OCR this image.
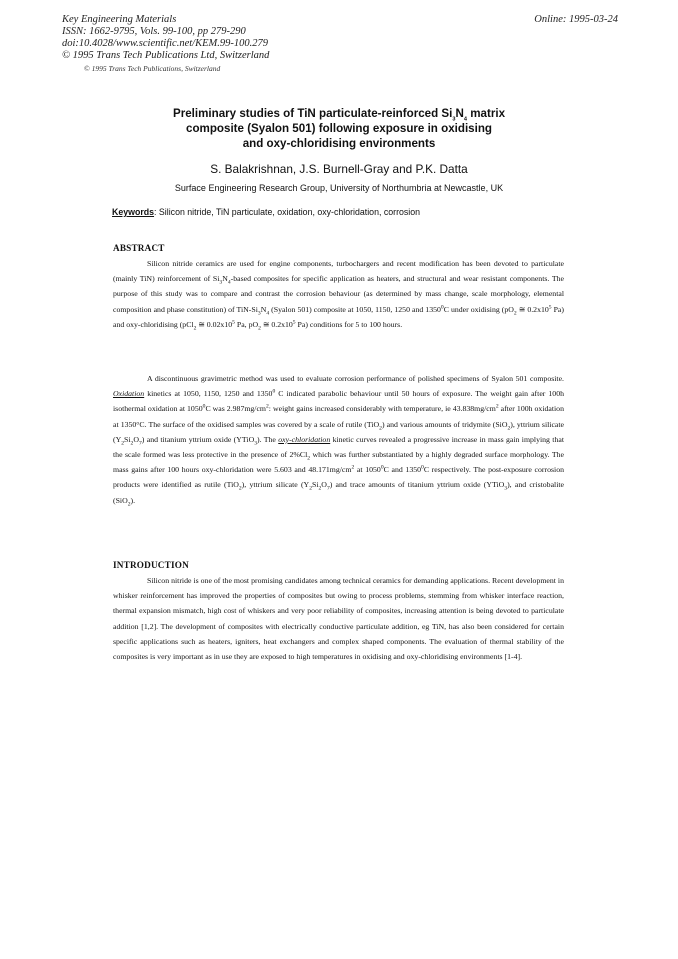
Key Engineering Materials
ISSN: 1662-9795, Vols. 99-100, pp 279-290
doi:10.4028/www.scientific.net/KEM.99-100.279
© 1995 Trans Tech Publications Ltd, Switzerland
Online: 1995-03-24
© 1995 Trans Tech Publications, Switzerland
Preliminary studies of TiN particulate-reinforced $Si_3N_4$ matrix
composite (Syalon 501) following exposure in oxidising
and oxy-chloridising environments
S. Balakrishnan, J.S. Burnell-Gray and P.K. Datta
Surface Engineering Research Group, University of Northumbria at Newcastle, UK
Keywords: Silicon nitride, TiN particulate, oxidation, oxy-chloridation, corrosion
ABSTRACT

Silicon nitride ceramics are used for engine components, turbochargers and recent modification has been devoted to particulate (mainly TiN) reinforcement of $Si_3N_4$-based composites for specific application as heaters, and structural and wear resistant components. The purpose of this study was to compare and contrast the corrosion behaviour (as determined by mass change, scale morphology, elemental composition and phase constitution) of TiN-$Si_3N_4$ (Syalon 501) composite at 1050, 1150, 1250 and 1350$^0$C under oxidising ($pO_2$ ≅ $0.2x10^5$ Pa) and oxy-chloridising (pCl$_2$ ≅ $0.02x10^5$ Pa, $pO_2$ ≅ $0.2x10^5$ Pa) conditions for 5 to 100 hours.

A discontinuous gravimetric method was used to evaluate corrosion performance of polished specimens of Syalon 501 composite. Oxidation kinetics at 1050, 1150, 1250 and 1350$^0$ C indicated parabolic behaviour until 50 hours of exposure. The weight gain after 100h isothermal oxidation at 1050$^0$C was $2.987mg/cm^2$: weight gains increased considerably with temperature, ie $43.838mg/cm^2$ after 100h oxidation at 1350°C. The surface of the oxidised samples was covered by a scale of rutile (TiO$_2$) and various amounts of tridymite (SiO$_2$), yttrium silicate $(Y_2Si_2O_7)$ and titanium yttrium oxide (YTiO$_3$). The oxy-chloridation kinetic curves revealed a progressive increase in mass gain implying that the scale formed was less protective in the presence of $2\%Cl_2$ which was further substantiated by a highly degraded surface morphology. The mass gains after 100 hours oxy-chloridation were 5.603 and $48.171mg/cm^2$ at 1050$^0$C and 1350$^0$C respectively. The post-exposure corrosion products were identified as rutile (TiO$_2$), yttrium silicate $(Y_2Si_2O_7)$ and trace amounts of titanium yttrium oxide (YTiO$_3$), and cristobalite (SiO$_2$).

INTRODUCTION

Silicon nitride is one of the most promising candidates among technical ceramics for demanding applications. Recent development in whisker reinforcement has improved the properties of composites but owing to process problems, stemming from whisker interface reaction, thermal expansion mismatch, high cost of whiskers and very poor reliability of composites, increasing attention is being devoted to particulate addition [1,2]. The development of composites with electrically conductive particulate addition, eg TiN, has also been considered for certain specific applications such as heaters, igniters, heat exchangers and complex shaped components. The evaluation of thermal stability of the composites is very important as in use they are exposed to high temperatures in oxidising and oxy-chloridising environments [1-4].
